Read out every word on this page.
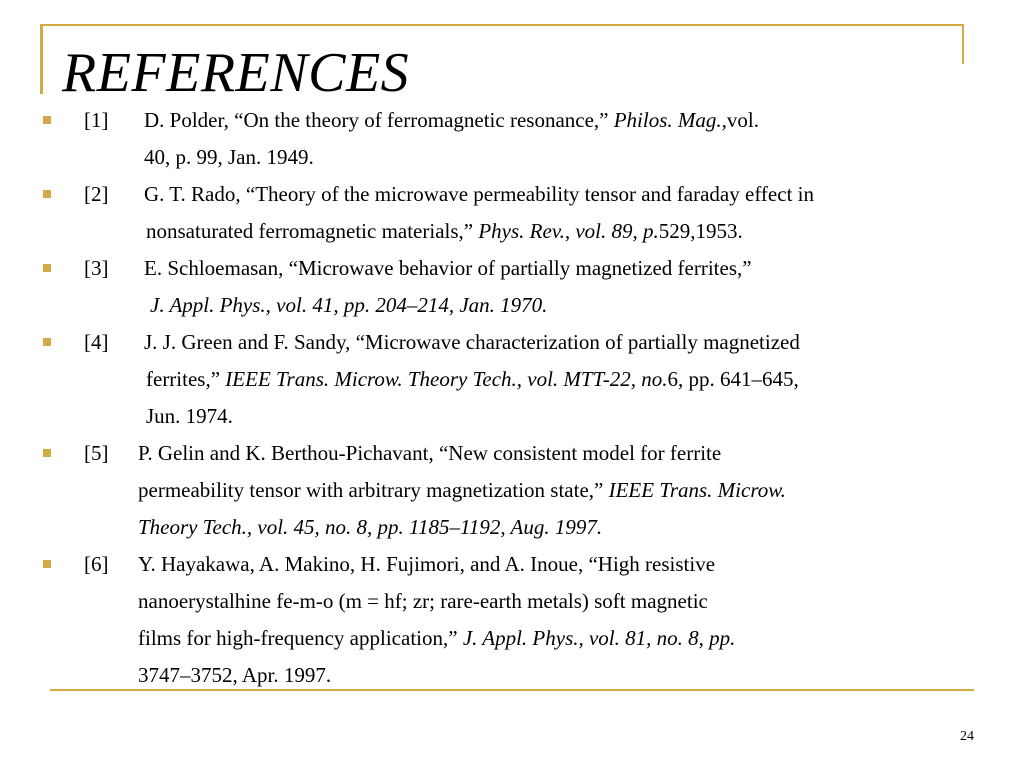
REFERENCES
[1] D. Polder, “On the theory of ferromagnetic resonance,” Philos. Mag.,vol.
40, p. 99, Jan. 1949.
[2] G. T. Rado, “Theory of the microwave permeability tensor and faraday effect in
nonsaturated ferromagnetic materials,” Phys. Rev., vol. 89, p.529,1953.
[3] E. Schloemasan, “Microwave behavior of partially magnetized ferrites,”
J. Appl. Phys., vol. 41, pp. 204–214, Jan. 1970.
[4] J. J. Green and F. Sandy, “Microwave characterization of partially magnetized
ferrites,” IEEE Trans. Microw. Theory Tech., vol. MTT-22, no.6, pp. 641–645,
Jun. 1974.
[5] P. Gelin and K. Berthou-Pichavant, “New consistent model for ferrite
permeability tensor with arbitrary magnetization state,” IEEE Trans. Microw.
Theory Tech., vol. 45, no. 8, pp. 1185–1192, Aug. 1997.
[6] Y. Hayakawa, A. Makino, H. Fujimori, and A. Inoue, “High resistive
nanoerystalhine fe-m-o (m = hf; zr; rare-earth metals) soft magnetic
films for high-frequency application,” J. Appl. Phys., vol. 81, no. 8, pp.
3747–3752, Apr. 1997.
24
